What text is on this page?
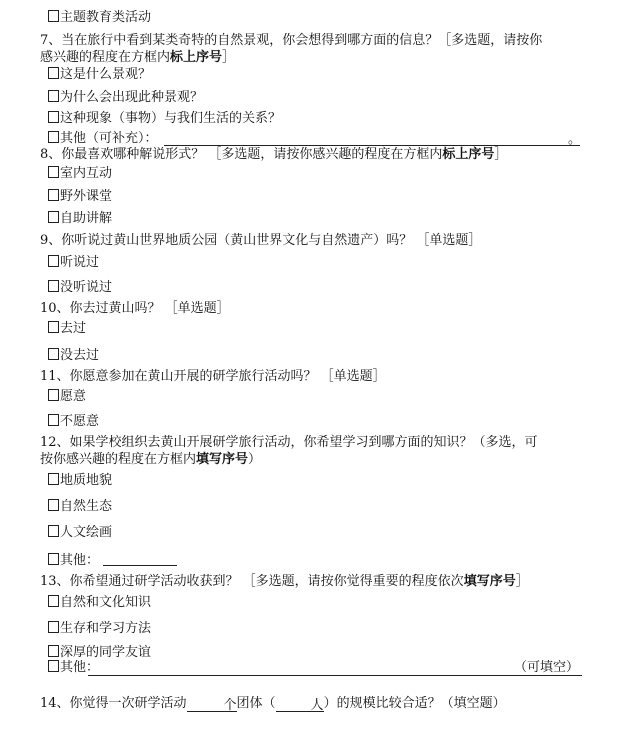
主题教育类活动
7、当在旅行中看到某类奇特的自然景观，你会想得到哪方面的信息？［多选题，请按你
感兴趣的程度在方框内标上序号］
这是什么景观？
为什么会出现此种景观？
这种现象（事物）与我们生活的关系？
其他（可补充）：	。
8、你最喜欢哪种解说形式？ ［多选题，请按你感兴趣的程度在方框内标上序号］
室内互动
野外课堂
自助讲解
9、你听说过黄山世界地质公园（黄山世界文化与自然遗产）吗？ ［单选题］
听说过
没听说过
10、你去过黄山吗？ ［单选题］
去过
没去过
11、你愿意参加在黄山开展的研学旅行活动吗？ ［单选题］
愿意
不愿意
12、如果学校组织去黄山开展研学旅行活动，你希望学习到哪方面的知识？（多选，可
按你感兴趣的程度在方框内填写序号）
地质地貌
自然生态
人文绘画
其他：
13、你希望通过研学活动收获到？ ［多选题，请按你觉得重要的程度依次填写序号］
自然和文化知识
生存和学习方法
深厚的同学友谊
其他：	（可填空）
14、你觉得一次研学活动	个团体（	人）的规模比较合适？（填空题）
